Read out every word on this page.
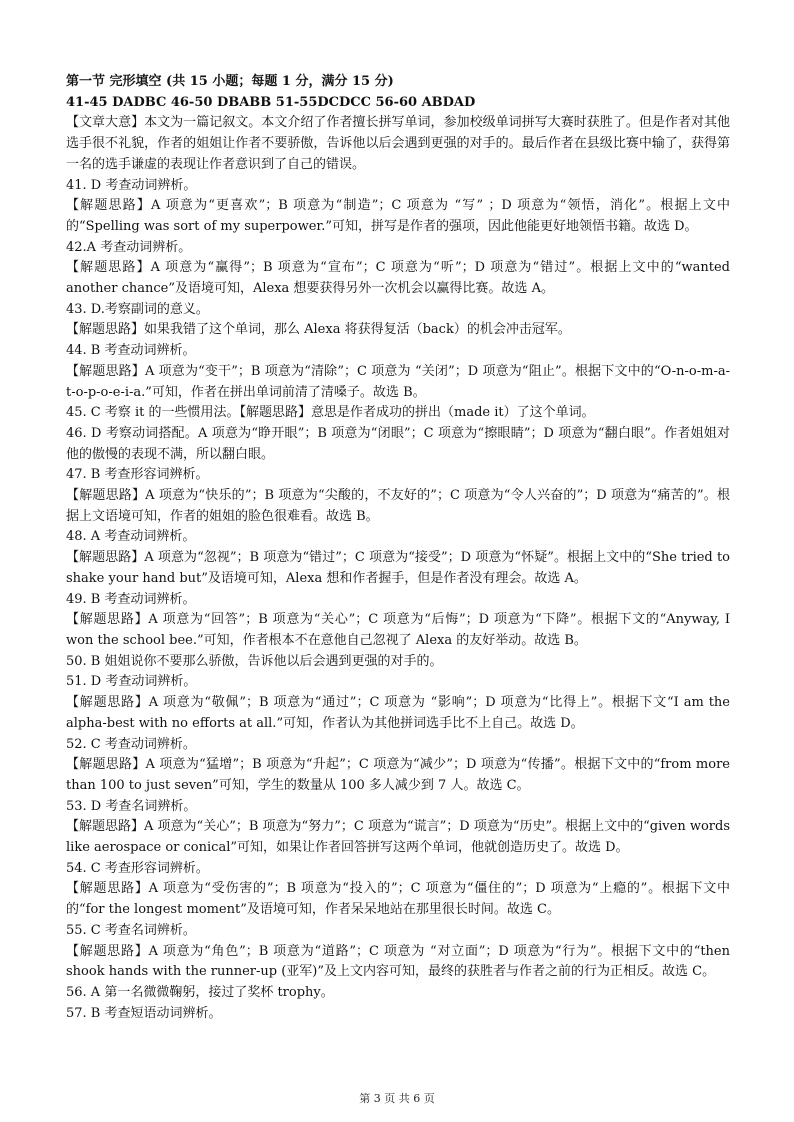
第一节 完形填空 (共 15 小题；每题 1 分，满分 15 分)

41-45 DADBC 46-50 DBABB 51-55DCDCC 56-60 ABDAD

【文章大意】本文为一篇记叙文。本文介绍了作者擅长拼写单词，参加校级单词拼写大赛时获胜了。但是作者对其他选手很不礼貌，作者的姐姐让作者不要骄傲，告诉他以后会遇到更强的对手的。最后作者在县级比赛中输了，获得第一名的选手谦虚的表现让作者意识到了自己的错误。

41. D 考查动词辨析。

【解题思路】A 项意为“更喜欢”；B 项意为“制造”；C 项意为 “写” ；D 项意为“领悟，消化”。根据上文中的“Spelling was sort of my superpower.”可知，拼写是作者的强项，因此他能更好地领悟书籍。故选 D。

42.A 考查动词辨析。

【解题思路】A 项意为“赢得”；B 项意为“宣布”；C 项意为“听”；D 项意为“错过”。根据上文中的“wanted another chance”及语境可知，Alexa 想要获得另外一次机会以赢得比赛。故选 A。

43. D.考察副词的意义。

【解题思路】如果我错了这个单词，那么 Alexa 将获得复活（back）的机会冲击冠军。

44. B 考查动词辨析。

【解题思路】A 项意为“变干”；B 项意为“清除”；C 项意为 “关闭”；D 项意为“阻止”。根据下文中的“O-n-o-m-a-t-o-p-o-e-i-a.”可知，作者在拼出单词前清了清嗓子。故选 B。

45. C 考察 it 的一些惯用法。【解题思路】意思是作者成功的拼出（made it）了这个单词。

46. D 考察动词搭配。A 项意为“睁开眼”；B 项意为“闭眼”；C 项意为“擦眼睛”；D 项意为“翻白眼”。作者姐姐对他的傲慢的表现不满，所以翻白眼。

47. B 考查形容词辨析。

【解题思路】A 项意为“快乐的”；B 项意为“尖酸的，不友好的”；C 项意为“令人兴奋的”；D 项意为“痛苦的”。根据上文语境可知，作者的姐姐的脸色很难看。故选 B。

48. A 考查动词辨析。

【解题思路】A 项意为“忽视”；B 项意为“错过”；C 项意为“接受”；D 项意为“怀疑”。根据上文中的“She tried to shake your hand but”及语境可知，Alexa 想和作者握手，但是作者没有理会。故选 A。

49. B 考查动词辨析。

【解题思路】A 项意为“回答”；B 项意为“关心”；C 项意为“后悔”；D 项意为“下降”。根据下文的“Anyway, I won the school bee.”可知，作者根本不在意他自己忽视了 Alexa 的友好举动。故选 B。

50. B 姐姐说你不要那么骄傲，告诉他以后会遇到更强的对手的。

51. D 考查动词辨析。

【解题思路】A 项意为“敬佩”；B 项意为“通过”；C 项意为 “影响”；D 项意为“比得上”。根据下文“I am the alpha-best with no efforts at all.”可知，作者认为其他拼词选手比不上自己。故选 D。

52. C 考查动词辨析。

【解题思路】A 项意为“猛增”；B 项意为“升起”；C 项意为“减少”；D 项意为“传播”。根据下文中的“from more than 100 to just seven”可知，学生的数量从 100 多人减少到 7 人。故选 C。

53. D 考查名词辨析。

【解题思路】A 项意为“关心”；B 项意为“努力”；C 项意为“谎言”；D 项意为“历史”。根据上文中的“given words like aerospace or conical”可知，如果让作者回答拼写这两个单词，他就创造历史了。故选 D。

54. C 考查形容词辨析。

【解题思路】A 项意为“受伤害的”；B 项意为“投入的”；C 项意为“僵住的”；D 项意为“上瘾的”。根据下文中的“for the longest moment”及语境可知，作者呆呆地站在那里很长时间。故选 C。

55. C 考查名词辨析。

【解题思路】A 项意为“角色”；B 项意为“道路”；C 项意为 “对立面”；D 项意为“行为”。根据下文中的“then shook hands with the runner-up (亚军)”及上文内容可知，最终的获胜者与作者之前的行为正相反。故选 C。

56. A 第一名微微鞠躬，接过了奖杯 trophy。

57. B 考查短语动词辨析。

第 3 页 共 6 页
